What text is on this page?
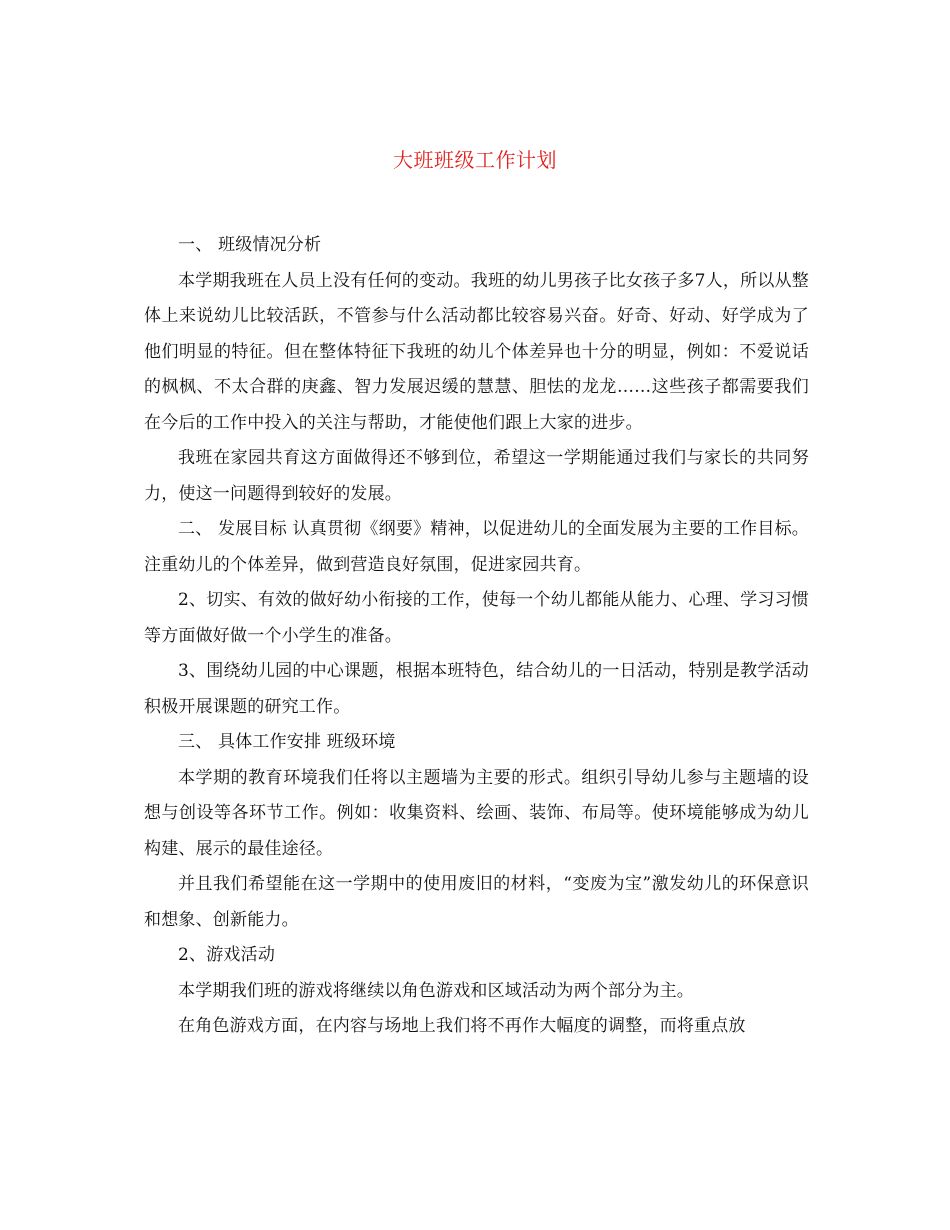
大班班级工作计划

一、 班级情况分析

本学期我班在人员上没有任何的变动。我班的幼儿男孩子比女孩子多7人，所以从整体上来说幼儿比较活跃，不管参与什么活动都比较容易兴奋。好奇、好动、好学成为了他们明显的特征。但在整体特征下我班的幼儿个体差异也十分的明显，例如：不爱说话的枫枫、不太合群的庚鑫、智力发展迟缓的慧慧、胆怯的龙龙……这些孩子都需要我们在今后的工作中投入的关注与帮助，才能使他们跟上大家的进步。

我班在家园共育这方面做得还不够到位，希望这一学期能通过我们与家长的共同努力，使这一问题得到较好的发展。

二、 发展目标 认真贯彻《纲要》精神，以促进幼儿的全面发展为主要的工作目标。注重幼儿的个体差异，做到营造良好氛围，促进家园共育。

2、切实、有效的做好幼小衔接的工作，使每一个幼儿都能从能力、心理、学习习惯等方面做好做一个小学生的准备。

3、围绕幼儿园的中心课题，根据本班特色，结合幼儿的一日活动，特别是教学活动积极开展课题的研究工作。

三、 具体工作安排 班级环境

本学期的教育环境我们任将以主题墙为主要的形式。组织引导幼儿参与主题墙的设想与创设等各环节工作。例如：收集资料、绘画、装饰、布局等。使环境能够成为幼儿构建、展示的最佳途径。

并且我们希望能在这一学期中的使用废旧的材料，“变废为宝”激发幼儿的环保意识和想象、创新能力。

2、游戏活动

本学期我们班的游戏将继续以角色游戏和区域活动为两个部分为主。

在角色游戏方面，在内容与场地上我们将不再作大幅度的调整，而将重点放
